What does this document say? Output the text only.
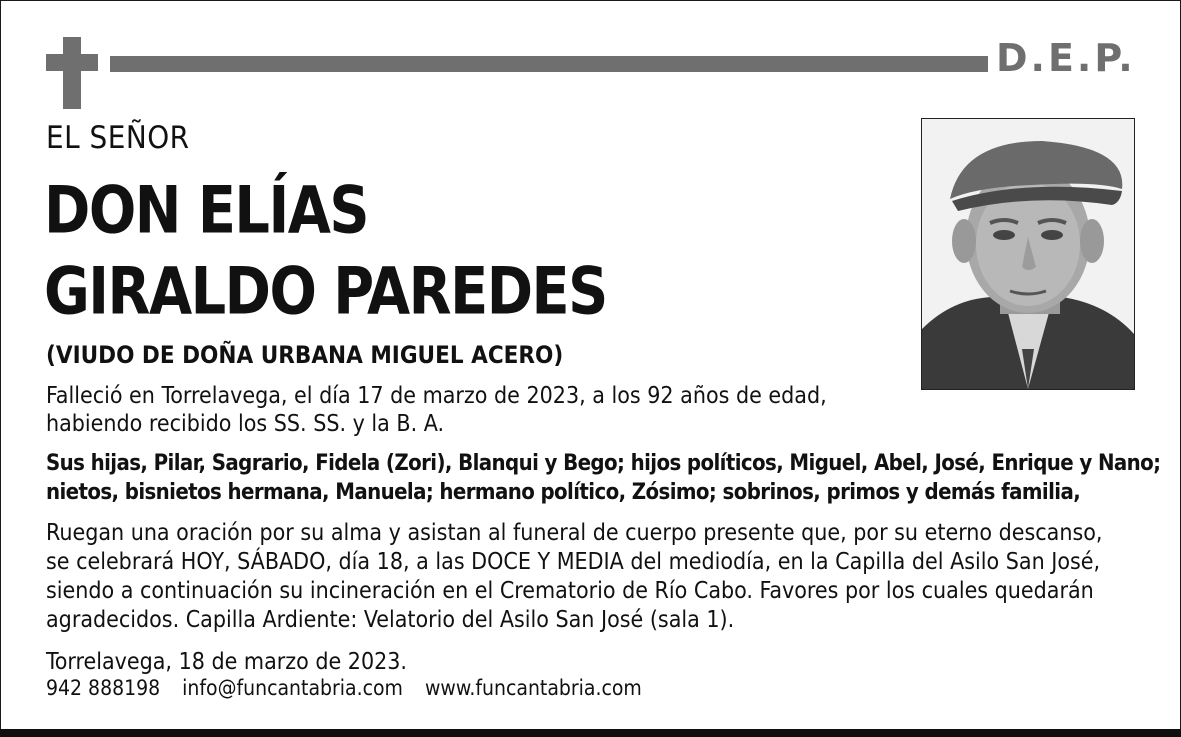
D.E.P.
EL SEÑOR
DON ELÍAS
GIRALDO PAREDES
(VIUDO DE DOÑA URBANA MIGUEL ACERO)
Falleció en Torrelavega, el día 17 de marzo de 2023, a los 92 años de edad,
habiendo recibido los SS. SS. y la B. A.
Sus hijas, Pilar, Sagrario, Fidela (Zori), Blanqui y Bego; hijos políticos, Miguel, Abel, José, Enrique y Nano;
nietos, bisnietos hermana, Manuela; hermano político, Zósimo; sobrinos, primos y demás familia,
Ruegan una oración por su alma y asistan al funeral de cuerpo presente que, por su eterno descanso,
se celebrará HOY, SÁBADO, día 18, a las DOCE Y MEDIA del mediodía, en la Capilla del Asilo San José,
siendo a continuación su incineración en el Crematorio de Río Cabo. Favores por los cuales quedarán
agradecidos. Capilla Ardiente: Velatorio del Asilo San José (sala 1).
Torrelavega, 18 de marzo de 2023.
942 888198 info@funcantabria.com www.funcantabria.com
